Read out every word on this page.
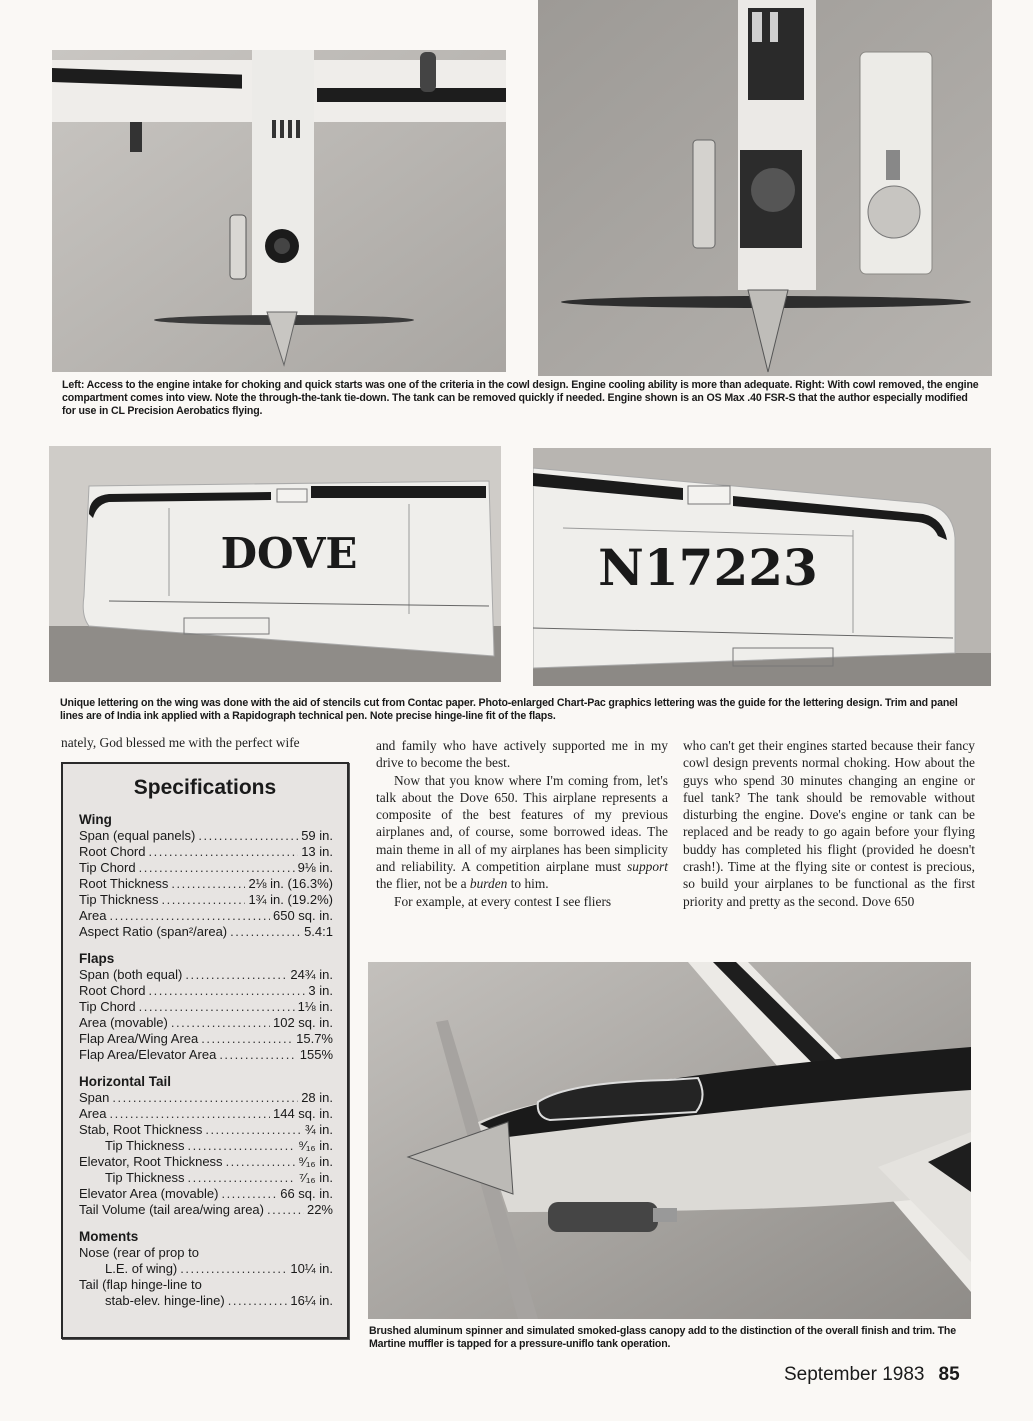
Left: Access to the engine intake for choking and quick starts was one of the criteria in the cowl design. Engine cooling ability is more than adequate. Right: With cowl removed, the engine compartment comes into view. Note the through-the-tank tie-down. The tank can be removed quickly if needed. Engine shown is an OS Max .40 FSR-S that the author especially modified for use in CL Precision Aerobatics flying.
DOVE	N17223
Unique lettering on the wing was done with the aid of stencils cut from Contac paper. Photo-enlarged Chart-Pac graphics lettering was the guide for the lettering design. Trim and panel lines are of India ink applied with a Rapidograph technical pen. Note precise hinge-line fit of the flaps.

nately, God blessed me with the perfect wife

Specifications
Wing
Span (equal panels) .....	59 in.
Root Chord .....	13 in.
Tip Chord .....	9⅛ in.
Root Thickness .....	2⅛ in. (16.3%)
Tip Thickness .....	1¾ in. (19.2%)
Area .....	650 sq. in.
Aspect Ratio (span²/area) .....	5.4:1
Flaps
Span (both equal) .....	24¾ in.
Root Chord .....	3 in.
Tip Chord .....	1⅛ in.
Area (movable) .....	102 sq. in.
Flap Area/Wing Area .....	15.7%
Flap Area/Elevator Area .....	155%
Horizontal Tail
Span .....	28 in.
Area .....	144 sq. in.
Stab, Root Thickness .....	¾ in.
Tip Thickness .....	⁹⁄₁₆ in.
Elevator, Root Thickness .....	⁹⁄₁₆ in.
Tip Thickness .....	⁷⁄₁₆ in.
Elevator Area (movable) .....	66 sq. in.
Tail Volume (tail area/wing area) .....	22%
Moments
Nose (rear of prop to
L.E. of wing) .....	10¼ in.
Tail (flap hinge-line to
stab-elev. hinge-line) .....	16¼ in.

and family who have actively supported me in my drive to become the best.

Now that you know where I'm coming from, let's talk about the Dove 650. This airplane represents a composite of the best features of my previous airplanes and, of course, some borrowed ideas. The main theme in all of my airplanes has been simplicity and reliability. A competition airplane must support the flier, not be a burden to him.

For example, at every contest I see fliers

who can't get their engines started because their fancy cowl design prevents normal choking. How about the guys who spend 30 minutes changing an engine or fuel tank? The tank should be removable without disturbing the engine. Dove's engine or tank can be replaced and be ready to go again before your flying buddy has completed his flight (provided he doesn't crash!). Time at the flying site or contest is precious, so build your airplanes to be functional as the first priority and pretty as the second. Dove 650

Brushed aluminum spinner and simulated smoked-glass canopy add to the distinction of the overall finish and trim. The Martine muffler is tapped for a pressure-uniflo tank operation.
September 1983 85
